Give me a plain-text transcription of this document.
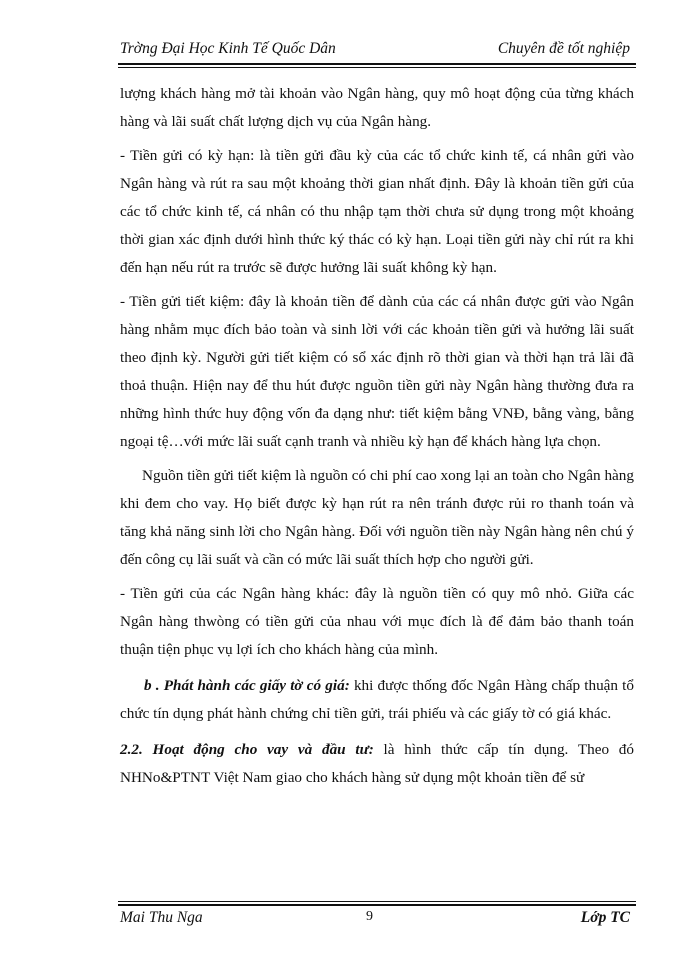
Trờng Đại Học Kinh Tế Quốc Dân	Chuyên đề tốt nghiệp

lượng khách hàng mở tài khoản vào Ngân hàng, quy mô hoạt động của từng khách hàng và lãi suất chất lượng dịch vụ của Ngân hàng.

- Tiền gửi có kỳ hạn: là tiền gửi đầu kỳ của các tổ chức kinh tế, cá nhân gửi vào Ngân hàng và rút ra sau một khoảng thời gian nhất định. Đây là khoản tiền gửi của các tổ chức kinh tế, cá nhân có thu nhập tạm thời chưa sử dụng trong một khoảng thời gian xác định dưới hình thức ký thác có kỳ hạn. Loại tiền gửi này chỉ rút ra khi đến hạn nếu rút ra trước sẽ được hưởng lãi suất không kỳ hạn.

- Tiền gửi tiết kiệm: đây là khoản tiền để dành của các cá nhân được gửi vào Ngân hàng nhằm mục đích bảo toàn và sinh lời với các khoản tiền gửi và hưởng lãi suất theo định kỳ. Người gửi tiết kiệm có sổ xác định rõ thời gian và thời hạn trả lãi đã thoả thuận. Hiện nay để thu hút được nguồn tiền gửi này Ngân hàng thường đưa ra những hình thức huy động vốn đa dạng như: tiết kiệm bằng VNĐ, bằng vàng, bằng ngoại tệ…với mức lãi suất cạnh tranh và nhiều kỳ hạn để khách hàng lựa chọn.

Nguồn tiền gửi tiết kiệm là nguồn có chi phí cao xong lại an toàn cho Ngân hàng khi đem cho vay. Họ biết được kỳ hạn rút ra nên tránh được rủi ro thanh toán và tăng khả năng sinh lời cho Ngân hàng. Đối với nguồn tiền này Ngân hàng nên chú ý đến công cụ lãi suất và cần có mức lãi suất thích hợp cho người gửi.

- Tiền gửi của các Ngân hàng khác: đây là nguồn tiền có quy mô nhỏ. Giữa các Ngân hàng thwòng có tiền gửi của nhau với mục đích là để đảm bảo thanh toán thuận tiện phục vụ lợi ích cho khách hàng của mình.

b . Phát hành các giấy tờ có giá: khi được thống đốc Ngân Hàng chấp thuận tổ chức tín dụng phát hành chứng chỉ tiền gửi, trái phiếu và các giấy tờ có giá khác.

2.2. Hoạt động cho vay và đầu tư: là hình thức cấp tín dụng. Theo đó NHNo&PTNT Việt Nam giao cho khách hàng sử dụng một khoản tiền để sử

Mai Thu Nga	9	Lớp TC
